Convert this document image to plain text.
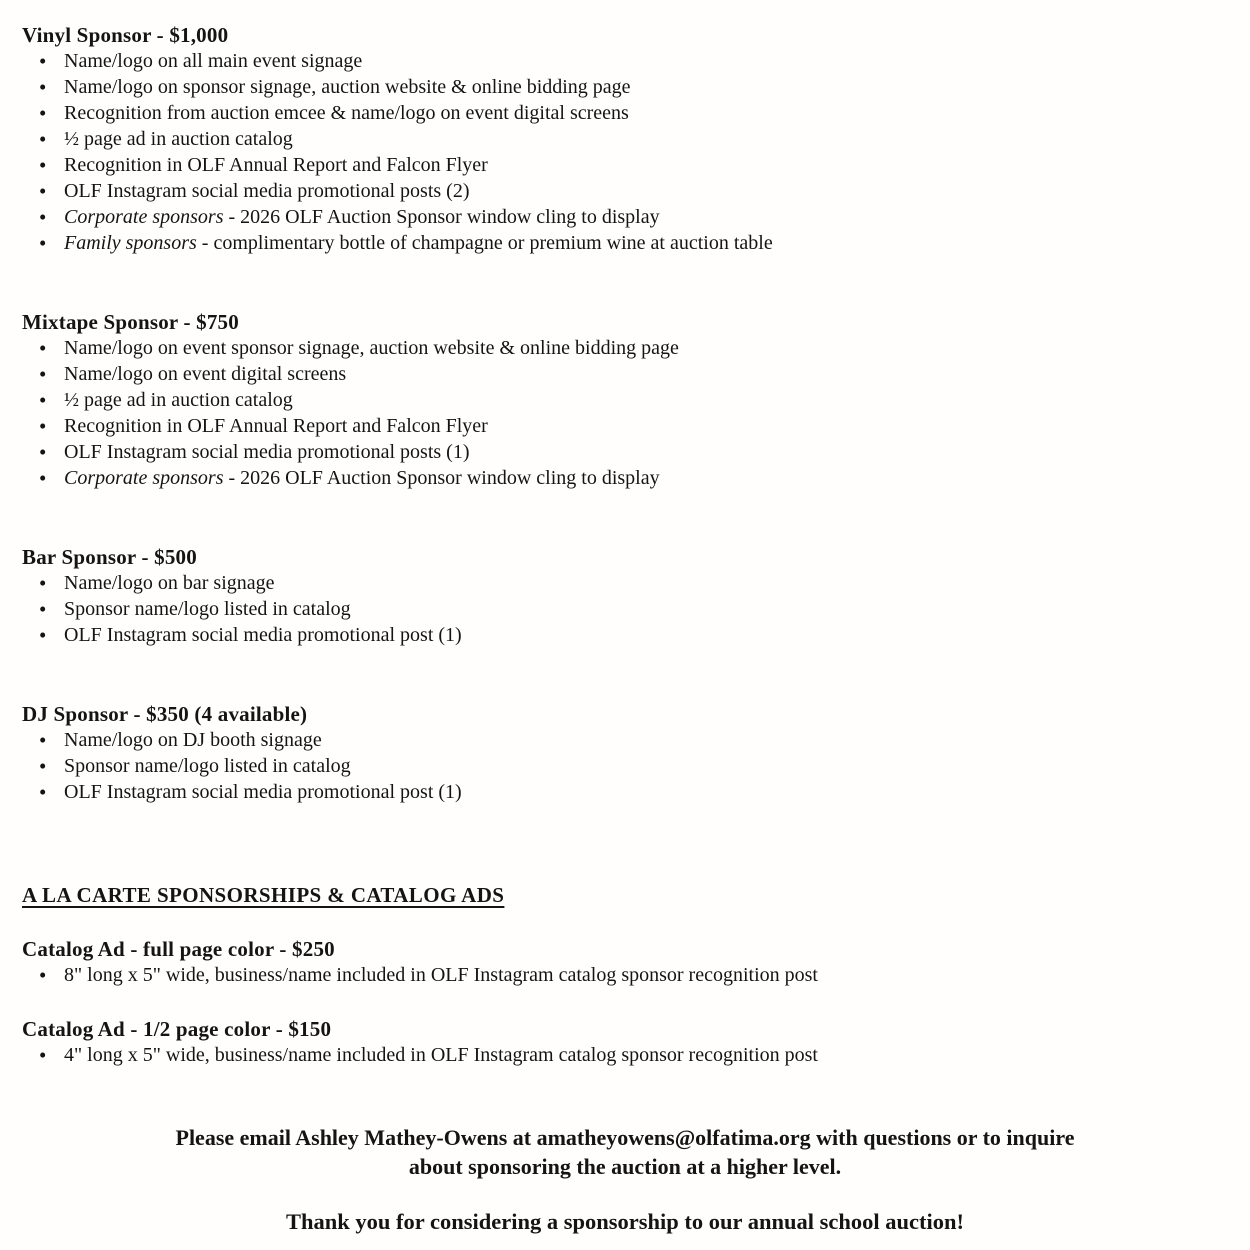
Vinyl Sponsor - $1,000
• Name/logo on all main event signage
• Name/logo on sponsor signage, auction website & online bidding page
• Recognition from auction emcee & name/logo on event digital screens
• ½ page ad in auction catalog
• Recognition in OLF Annual Report and Falcon Flyer
• OLF Instagram social media promotional posts (2)
• Corporate sponsors - 2026 OLF Auction Sponsor window cling to display
• Family sponsors - complimentary bottle of champagne or premium wine at auction table
Mixtape Sponsor - $750
• Name/logo on event sponsor signage, auction website & online bidding page
• Name/logo on event digital screens
• ½ page ad in auction catalog
• Recognition in OLF Annual Report and Falcon Flyer
• OLF Instagram social media promotional posts (1)
• Corporate sponsors - 2026 OLF Auction Sponsor window cling to display
Bar Sponsor - $500
• Name/logo on bar signage
• Sponsor name/logo listed in catalog
• OLF Instagram social media promotional post (1)
DJ Sponsor - $350 (4 available)
• Name/logo on DJ booth signage
• Sponsor name/logo listed in catalog
• OLF Instagram social media promotional post (1)
A LA CARTE SPONSORSHIPS & CATALOG ADS
Catalog Ad - full page color - $250
• 8" long x 5" wide, business/name included in OLF Instagram catalog sponsor recognition post
Catalog Ad - 1/2 page color - $150
• 4" long x 5" wide, business/name included in OLF Instagram catalog sponsor recognition post
Please email Ashley Mathey-Owens at amatheyowens@olfatima.org with questions or to inquire
about sponsoring the auction at a higher level.
Thank you for considering a sponsorship to our annual school auction!
